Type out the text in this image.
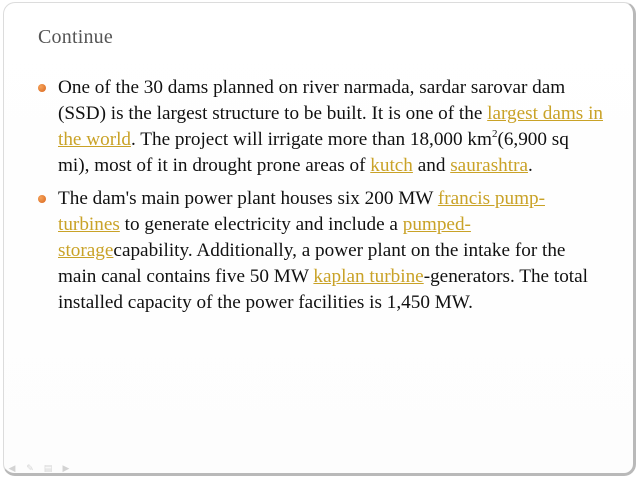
Continue
One of the 30 dams planned on river narmada, sardar sarovar dam (SSD) is the largest structure to be built. It is one of the largest dams in the world. The project will irrigate more than 18,000 $km^2(6,900$ sq mi), most of it in drought prone areas of kutch and saurashtra.
The dam's main power plant houses six 200 MW francis pump-turbines to generate electricity and include a pumped-storagecapability. Additionally, a power plant on the intake for the main canal contains five 50 MW kaplan turbine-generators. The total installed capacity of the power facilities is 1,450 MW.
◀ ✎ ▤ ▶
